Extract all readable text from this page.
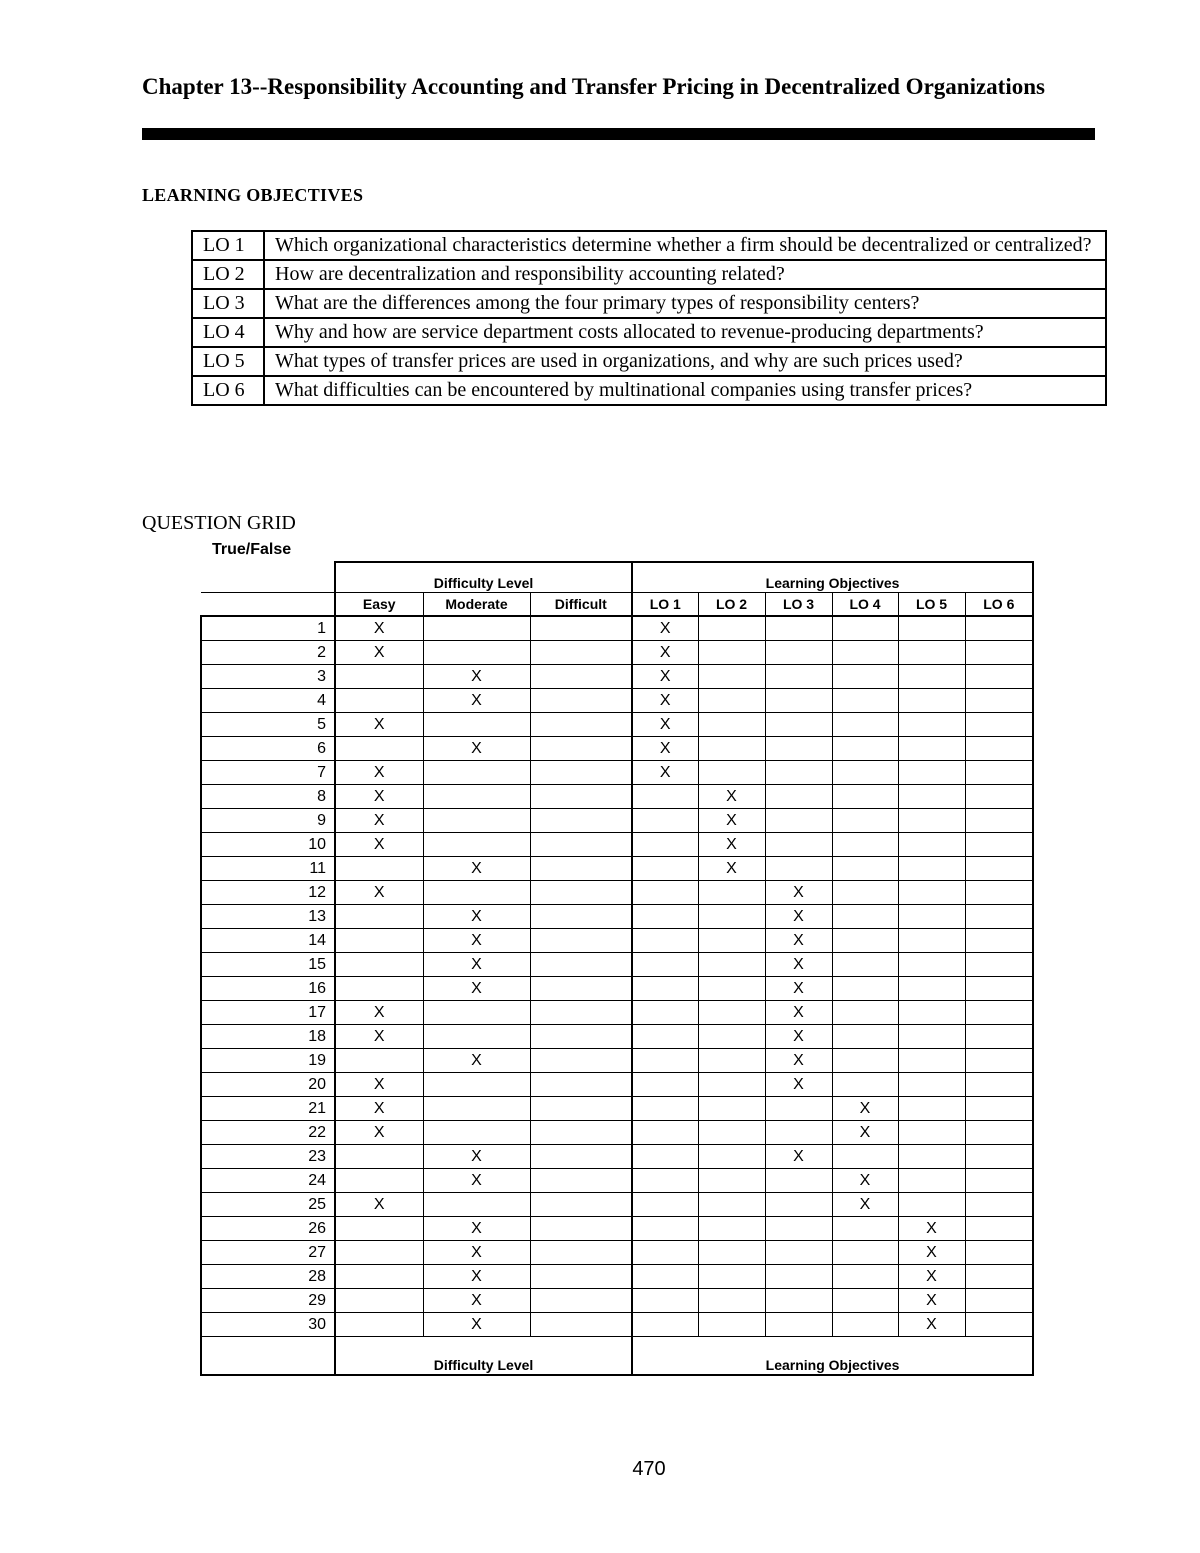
Chapter 13--Responsibility Accounting and Transfer Pricing in Decentralized Organizations
LEARNING OBJECTIVES
LO 1	Which organizational characteristics determine whether a firm should be decentralized or centralized?
LO 2	How are decentralization and responsibility accounting related?
LO 3	What are the differences among the four primary types of responsibility centers?
LO 4	Why and how are service department costs allocated to revenue-producing departments?
LO 5	What types of transfer prices are used in organizations, and why are such prices used?
LO 6	What difficulties can be encountered by multinational companies using transfer prices?
QUESTION GRID
True/False
	Difficulty Level			Learning Objectives					
	Easy	Moderate	Difficult	LO 1	LO 2	LO 3	LO 4	LO 5	LO 6
1	X			X					
2	X			X					
3		X		X					
4		X		X					
5	X			X					
6		X		X					
7	X			X					
8	X				X				
9	X				X				
10	X				X				
11		X			X				
12	X					X			
13		X				X			
14		X				X			
15		X				X			
16		X				X			
17	X					X			
18	X					X			
19		X				X			
20	X					X			
21	X						X		
22	X						X		
23		X				X			
24		X					X		
25	X						X		
26		X						X	
27		X						X	
28		X						X	
29		X						X	
30		X						X	
	Difficulty Level			Learning Objectives					
470
